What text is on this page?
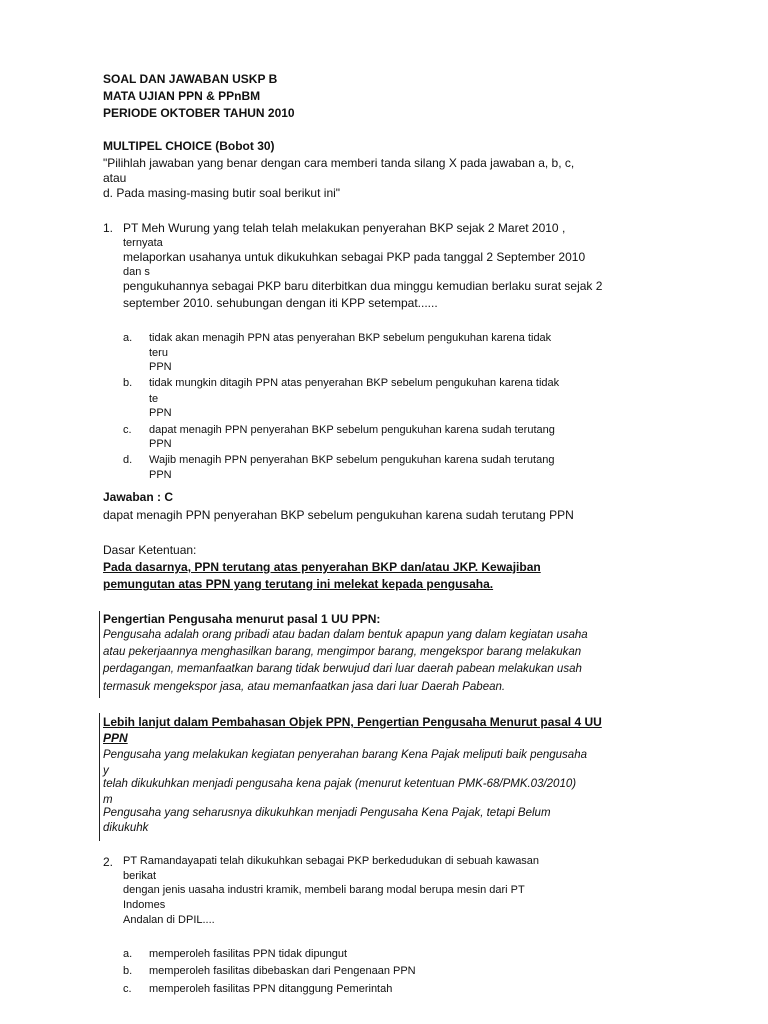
SOAL DAN JAWABAN USKP B
MATA UJIAN PPN & PPnBM
PERIODE OKTOBER TAHUN 2010
MULTIPEL CHOICE (Bobot 30)
"Pilihlah jawaban yang benar dengan cara memberi tanda silang X pada jawaban a, b, c,
atau
d. Pada masing-masing butir soal berikut ini"
1. PT Meh Wurung yang telah telah melakukan penyerahan BKP sejak 2 Maret 2010 ,
ternyata
melaporkan usahanya untuk dikukuhkan sebagai PKP pada tanggal 2 September 2010
dan s
pengukuhannya sebagai PKP baru diterbitkan dua minggu kemudian berlaku surat sejak 2
september 2010. sehubungan dengan iti KPP setempat......
a. tidak akan menagih PPN atas penyerahan BKP sebelum pengukuhan karena tidak
teru
PPN
b. tidak mungkin ditagih PPN atas penyerahan BKP sebelum pengukuhan karena tidak
te
PPN
c. dapat menagih PPN penyerahan BKP sebelum pengukuhan karena sudah terutang
PPN
d. Wajib menagih PPN penyerahan BKP sebelum pengukuhan karena sudah terutang
PPN
Jawaban : C
dapat menagih PPN penyerahan BKP sebelum pengukuhan karena sudah terutang PPN
Dasar Ketentuan:
Pada dasarnya, PPN terutang atas penyerahan BKP dan/atau JKP. Kewajiban
pemungutan atas PPN yang terutang ini melekat kepada pengusaha.
Pengertian Pengusaha menurut pasal 1 UU PPN:
Pengusaha adalah orang pribadi atau badan dalam bentuk apapun yang dalam kegiatan usaha
atau pekerjaannya menghasilkan barang, mengimpor barang, mengekspor barang melakukan
perdagangan, memanfaatkan barang tidak berwujud dari luar daerah pabean melakukan usah
termasuk mengekspor jasa, atau memanfaatkan jasa dari luar Daerah Pabean.
Lebih lanjut dalam Pembahasan Objek PPN, Pengertian Pengusaha Menurut pasal 4 UU
PPN
Pengusaha yang melakukan kegiatan penyerahan barang Kena Pajak meliputi baik pengusaha
y
telah dikukuhkan menjadi pengusaha kena pajak (menurut ketentuan PMK-68/PMK.03/2010)
m
Pengusaha yang seharusnya dikukuhkan menjadi Pengusaha Kena Pajak, tetapi Belum
dikukuhk
2. PT Ramandayapati telah dikukuhkan sebagai PKP berkedudukan di sebuah kawasan
berikat
dengan jenis uasaha industri kramik, membeli barang modal berupa mesin dari PT
Indomes
Andalan di DPIL....
a. memperoleh fasilitas PPN tidak dipungut
b. memperoleh fasilitas dibebaskan dari Pengenaan PPN
c. memperoleh fasilitas PPN ditanggung Pemerintah
